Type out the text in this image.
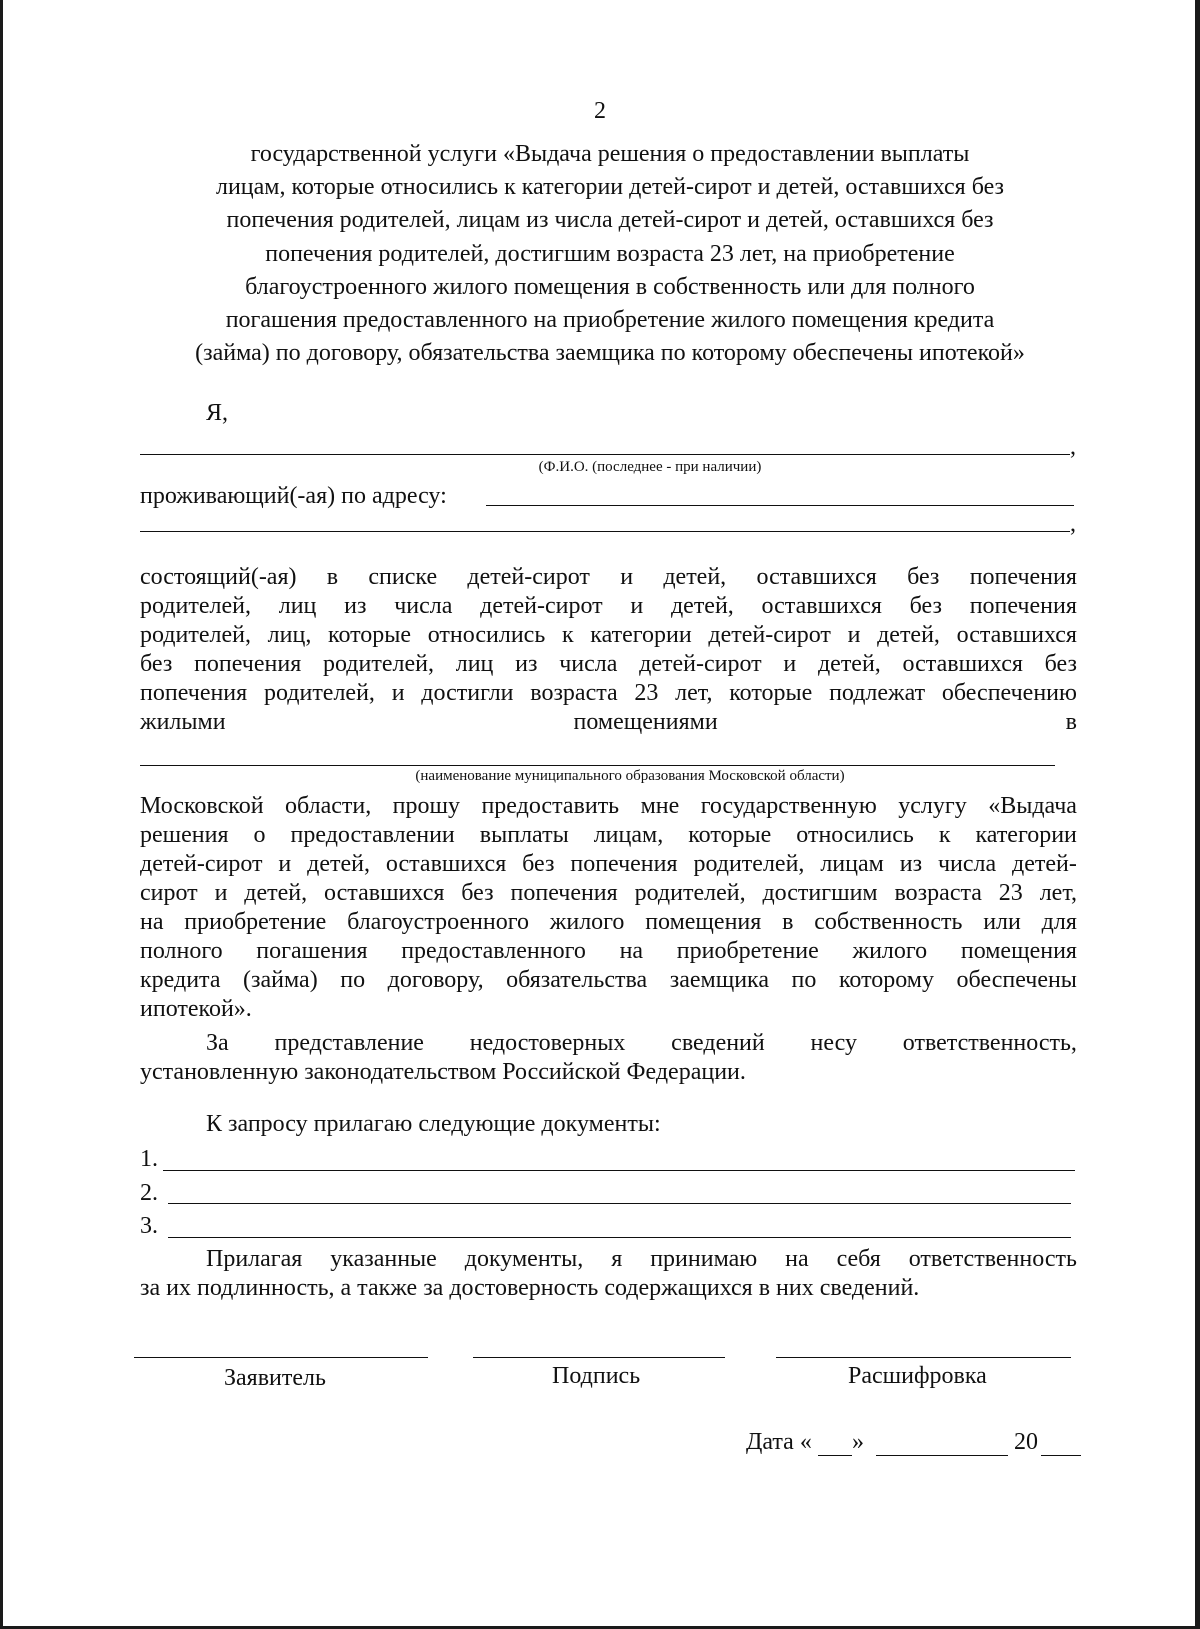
2
государственной услуги «Выдача решения о предоставлении выплаты
лицам, которые относились к категории детей-сирот и детей, оставшихся без
попечения родителей, лицам из числа детей-сирот и детей, оставшихся без
попечения родителей, достигшим возраста 23 лет, на приобретение
благоустроенного жилого помещения в собственность или для полного
погашения предоставленного на приобретение жилого помещения кредита
(займа) по договору, обязательства заемщика по которому обеспечены ипотекой»
Я,
,
(Ф.И.О. (последнее - при наличии)
проживающий(-ая) по адресу:
,
состоящий(-ая) в списке детей-сирот и детей, оставшихся без попечения
родителей, лиц из числа детей-сирот и детей, оставшихся без попечения
родителей, лиц, которые относились к категории детей-сирот и детей, оставшихся
без попечения родителей, лиц из числа детей-сирот и детей, оставшихся без
попечения родителей, и достигли возраста 23 лет, которые подлежат обеспечению
жилыми	помещениями	в
(наименование муниципального образования Московской области)
Московской области, прошу предоставить мне государственную услугу «Выдача
решения о предоставлении выплаты лицам, которые относились к категории
детей-сирот и детей, оставшихся без попечения родителей, лицам из числа детей-
сирот и детей, оставшихся без попечения родителей, достигшим возраста 23 лет,
на приобретение благоустроенного жилого помещения в собственность или для
полного погашения предоставленного на приобретение жилого помещения
кредита (займа) по договору, обязательства заемщика по которому обеспечены
ипотекой».
За представление недостоверных сведений несу ответственность,
установленную законодательством Российской Федерации.
К запросу прилагаю следующие документы:
1.
2.
3.
Прилагая указанные документы, я принимаю на себя ответственность
за их подлинность, а также за достоверность содержащихся в них сведений.
Заявитель	Подпись	Расшифровка
Дата « »	20
